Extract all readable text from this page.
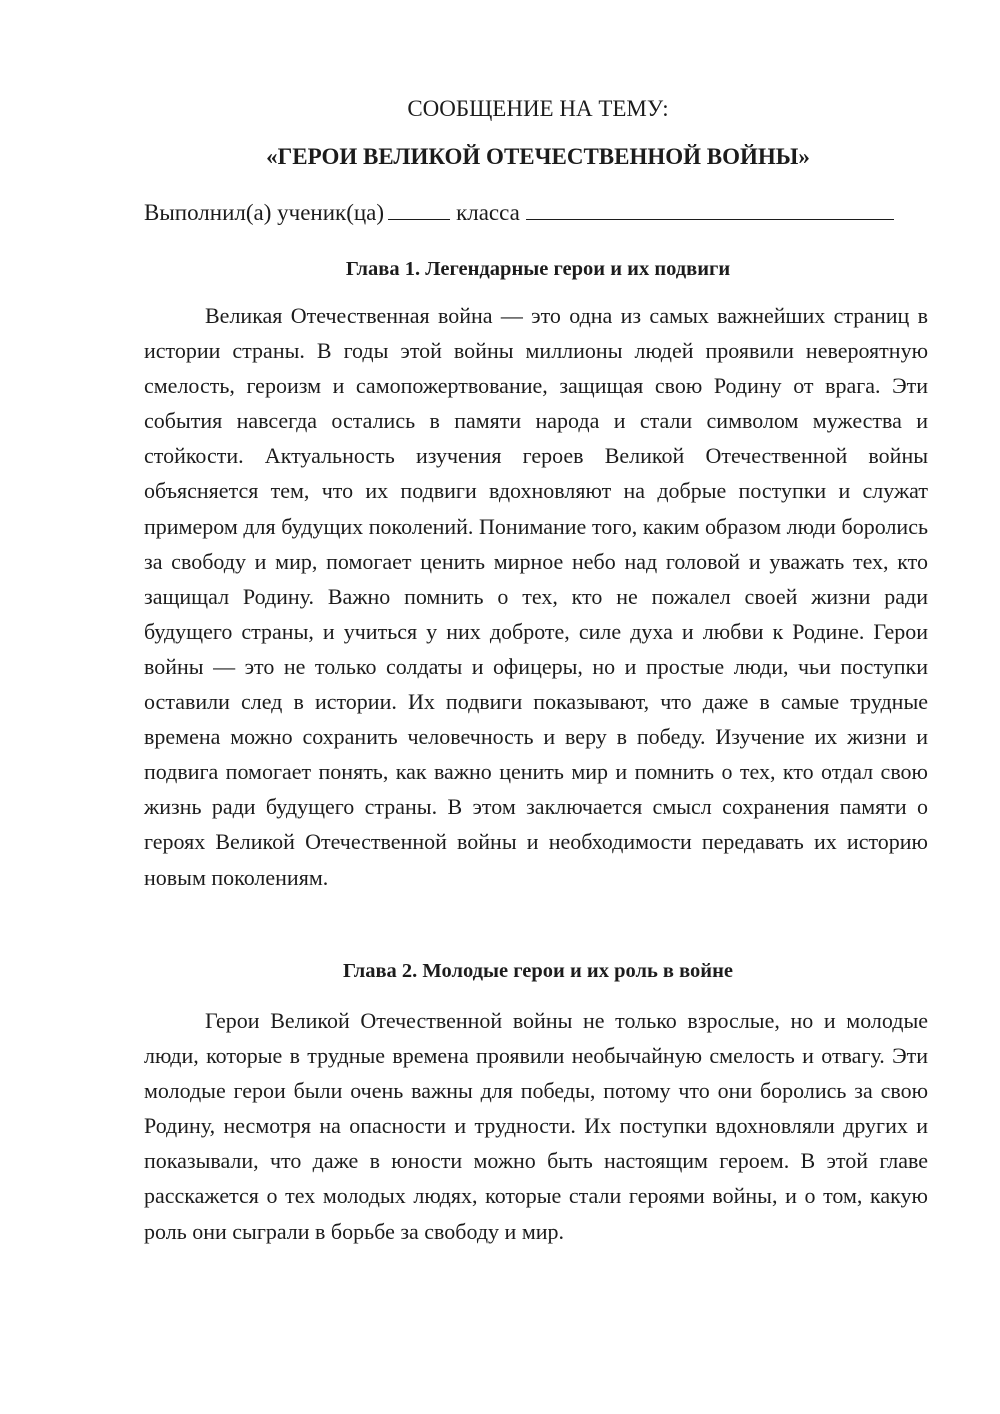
СООБЩЕНИЕ НА ТЕМУ:
«ГЕРОИ ВЕЛИКОЙ ОТЕЧЕСТВЕННОЙ ВОЙНЫ»
Выполнил(а) ученик(ца)	класса
Глава 1. Легендарные герои и их подвиги

Великая Отечественная война — это одна из самых важнейших страниц в истории страны. В годы этой войны миллионы людей проявили невероятную смелость, героизм и самопожертвование, защищая свою Родину от врага. Эти события навсегда остались в памяти народа и стали символом мужества и стойкости. Актуальность изучения героев Великой Отечественной войны объясняется тем, что их подвиги вдохновляют на добрые поступки и служат примером для будущих поколений. Понимание того, каким образом люди боролись за свободу и мир, помогает ценить мирное небо над головой и уважать тех, кто защищал Родину. Важно помнить о тех, кто не пожалел своей жизни ради будущего страны, и учиться у них доброте, силе духа и любви к Родине. Герои войны — это не только солдаты и офицеры, но и простые люди, чьи поступки оставили след в истории. Их подвиги показывают, что даже в самые трудные времена можно сохранить человечность и веру в победу. Изучение их жизни и подвига помогает понять, как важно ценить мир и помнить о тех, кто отдал свою жизнь ради будущего страны. В этом заключается смысл сохранения памяти о героях Великой Отечественной войны и необходимости передавать их историю новым поколениям.

Глава 2. Молодые герои и их роль в войне

Герои Великой Отечественной войны не только взрослые, но и молодые люди, которые в трудные времена проявили необычайную смелость и отвагу. Эти молодые герои были очень важны для победы, потому что они боролись за свою Родину, несмотря на опасности и трудности. Их поступки вдохновляли других и показывали, что даже в юности можно быть настоящим героем. В этой главе расскажется о тех молодых людях, которые стали героями войны, и о том, какую роль они сыграли в борьбе за свободу и мир.
